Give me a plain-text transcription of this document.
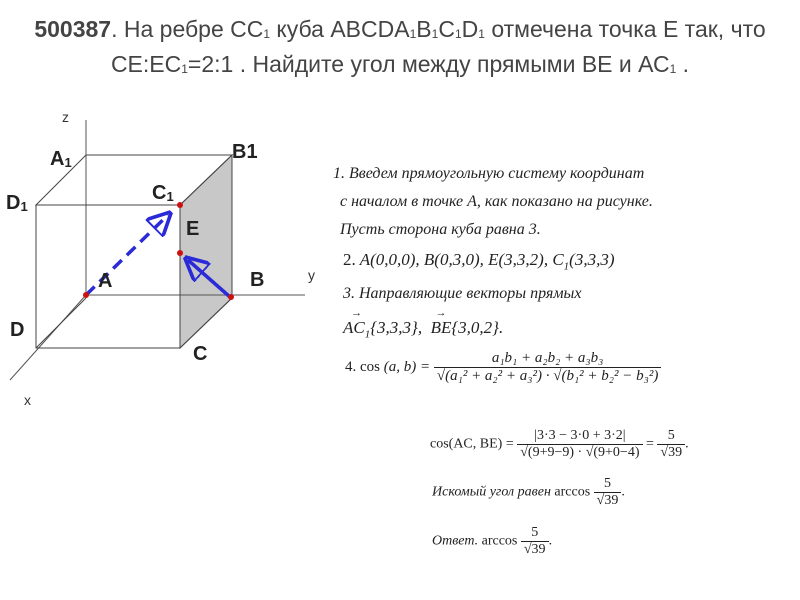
500387. На ребре $СС_1$ куба $ABCDA_1B_1C_1D_1$ отмечена точка Е так, что $СЕ:ЕС_1=2:1$ . Найдите угол между прямыми ВЕ и $АС_1$ .
z
y
x
A1	B1
D1
C1
E
A	B
D
C
1. Введем прямоугольную систему координат
с началом в точке A, как показано на рисунке.
Пусть сторона куба равна 3.
2. A(0,0,0), B(0,3,0), E(3,3,2), $C_1(3,3,3)$
3. Направляющие векторы прямых
→ $AC_1\{3,3,3\}$,  → BE{3,0,2}.
4. cos (a, $b) = \frac{\text{a₁b₁ + a₂b₂ + a₃b₃}}{\text{√(a₁² + a₂² + a₃²) · √(b₁² + b₂² − b₃²)}}$
cos(AC, $BE) = \frac{|3\cdot 3 - 3\cdot 0 + 3\cdot 2|}{√(9+9-9) \cdot √(9+0-4)} = \frac{5}{√39}$ .
Искомый угол равен $\arccos \frac{5}{√39}$ .
Ответ. $\arccos \frac{5}{√39}$ .
